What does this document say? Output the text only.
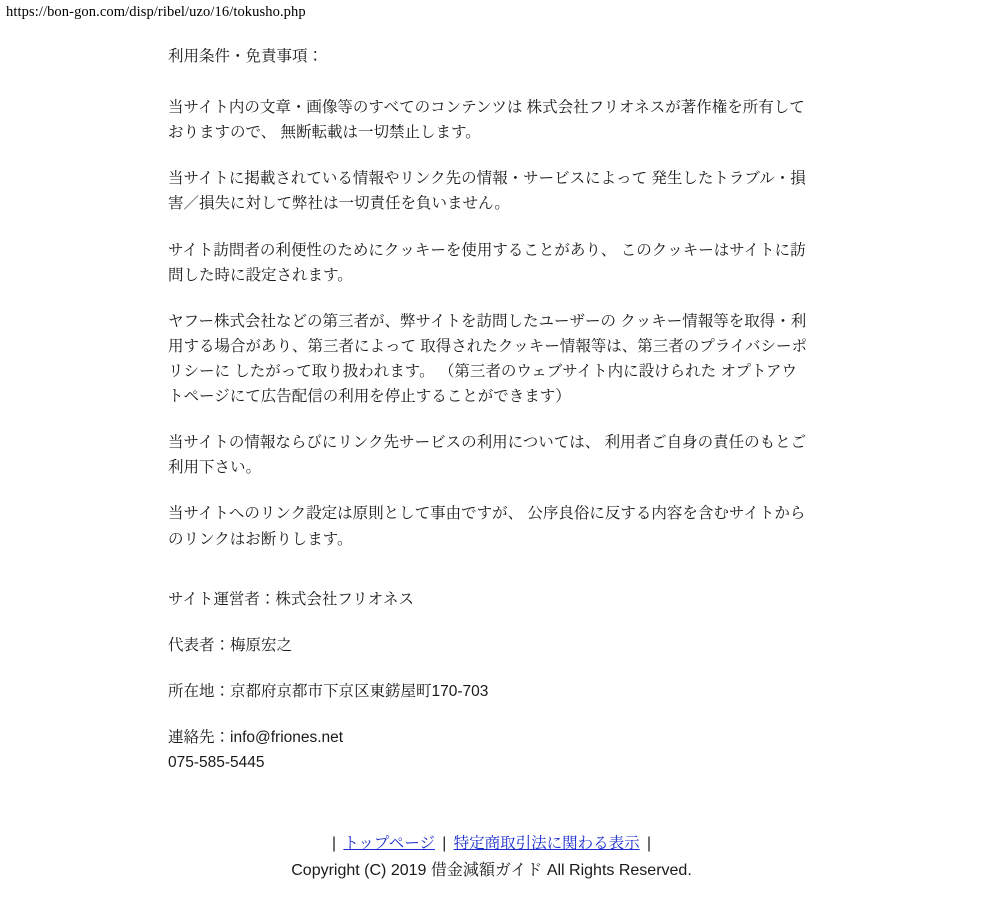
https://bon-gon.com/disp/ribel/uzo/16/tokusho.php

利用条件・免責事項：

当サイト内の文章・画像等のすべてのコンテンツは 株式会社フリオネスが著作権を所有しておりますので、 無断転載は一切禁止します。

当サイトに掲載されている情報やリンク先の情報・サービスによって 発生したトラブル・損害／損失に対して弊社は一切責任を負いません。

サイト訪問者の利便性のためにクッキーを使用することがあり、 このクッキーはサイトに訪問した時に設定されます。

ヤフー株式会社などの第三者が、弊サイトを訪問したユーザーの クッキー情報等を取得・利用する場合があり、第三者によって 取得されたクッキー情報等は、第三者のプライバシーポリシーに したがって取り扱われます。 （第三者のウェブサイト内に設けられた オプトアウトページにて広告配信の利用を停止することができます）

当サイトの情報ならびにリンク先サービスの利用については、 利用者ご自身の責任のもとご利用下さい。

当サイトへのリンク設定は原則として事由ですが、 公序良俗に反する内容を含むサイトからのリンクはお断りします。

サイト運営者：株式会社フリオネス

代表者：梅原宏之

所在地：京都府京都市下京区東錺屋町170-703

連絡先：info@friones.net

075-585-5445

| トップページ | 特定商取引法に関わる表示 |
Copyright (C) 2019 借金減額ガイド All Rights Reserved.
